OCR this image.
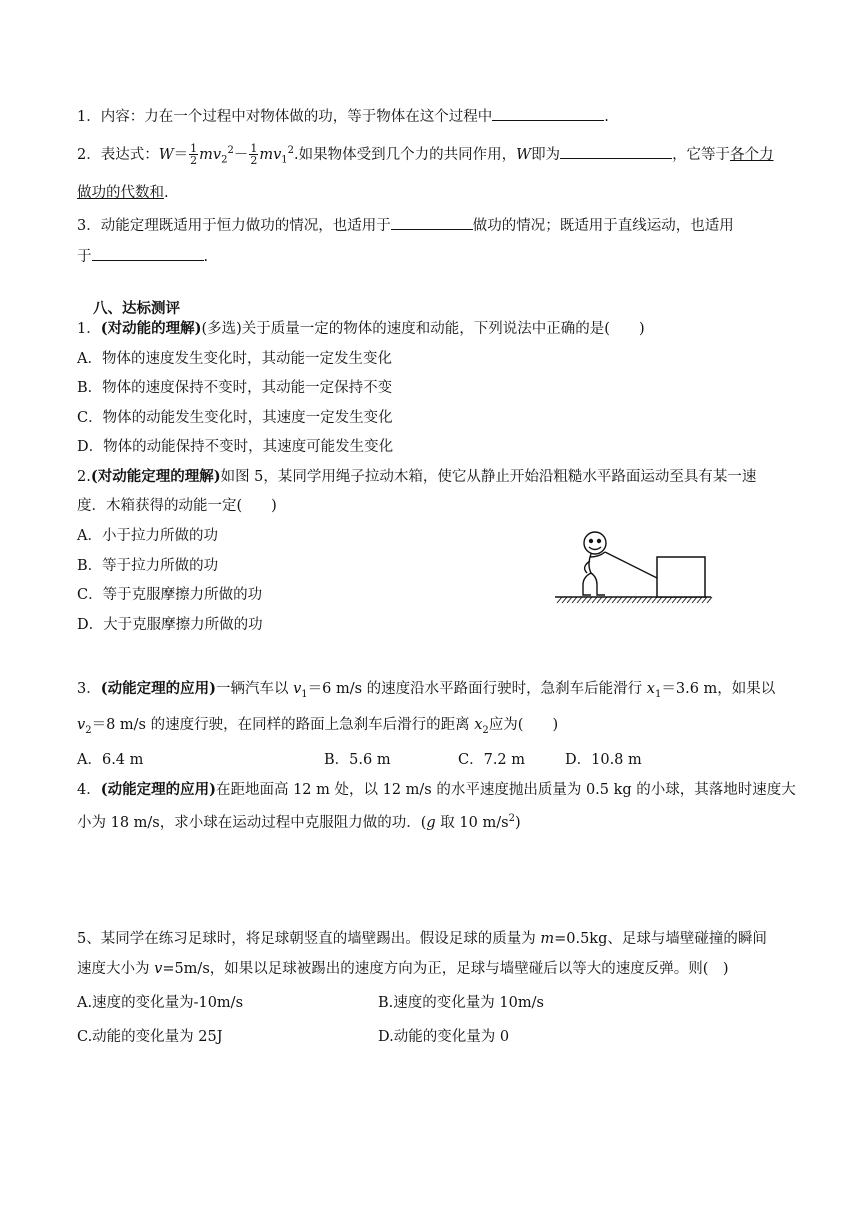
1．内容：力在一个过程中对物体做的功，等于物体在这个过程中	.
2．表达式：$W= \frac{1}{2} mv_2^2- \frac{1}{2} mv_1^2$.如果物体受到几个力的共同作用，W即为	，它等于各个力
做功的代数和.
3．动能定理既适用于恒力做功的情况，也适用于	做功的情况；既适用于直线运动，也适用
于	.
八、达标测评
1．(对动能的理解)(多选)关于质量一定的物体的速度和动能，下列说法中正确的是(　　)
A．物体的速度发生变化时，其动能一定发生变化
B．物体的速度保持不变时，其动能一定保持不变
C．物体的动能发生变化时，其速度一定发生变化
D．物体的动能保持不变时，其速度可能发生变化
2.(对动能定理的理解)如图 5，某同学用绳子拉动木箱，使它从静止开始沿粗糙水平路面运动至具有某一速
度．木箱获得的动能一定(　　)
A．小于拉力所做的功
B．等于拉力所做的功
C．等于克服摩擦力所做的功
D．大于克服摩擦力所做的功
3．(动能定理的应用)一辆汽车以 $v_1=6$ m/s 的速度沿水平路面行驶时，急刹车后能滑行 $x_1=3.6$ m，如果以
$v_2=8$ m/s 的速度行驶，在同样的路面上急刹车后滑行的距离 $x_2$应为(　　)
A．6.4 m	B．5.6 m	C．7.2 m	D．10.8 m
4．(动能定理的应用)在距地面高 12 m 处，以 12 m/s 的水平速度抛出质量为 0.5 kg 的小球，其落地时速度大
小为 18 m/s，求小球在运动过程中克服阻力做的功．(g 取 10 $m/s^2$)
5、某同学在练习足球时，将足球朝竖直的墙壁踢出。假设足球的质量为 m=0.5kg、足球与墙壁碰撞的瞬间
速度大小为 v=5m/s，如果以足球被踢出的速度方向为正，足球与墙壁碰后以等大的速度反弹。则(　)
A.速度的变化量为-10m/s	B.速度的变化量为 10m/s
C.动能的变化量为 25J	D.动能的变化量为 0
